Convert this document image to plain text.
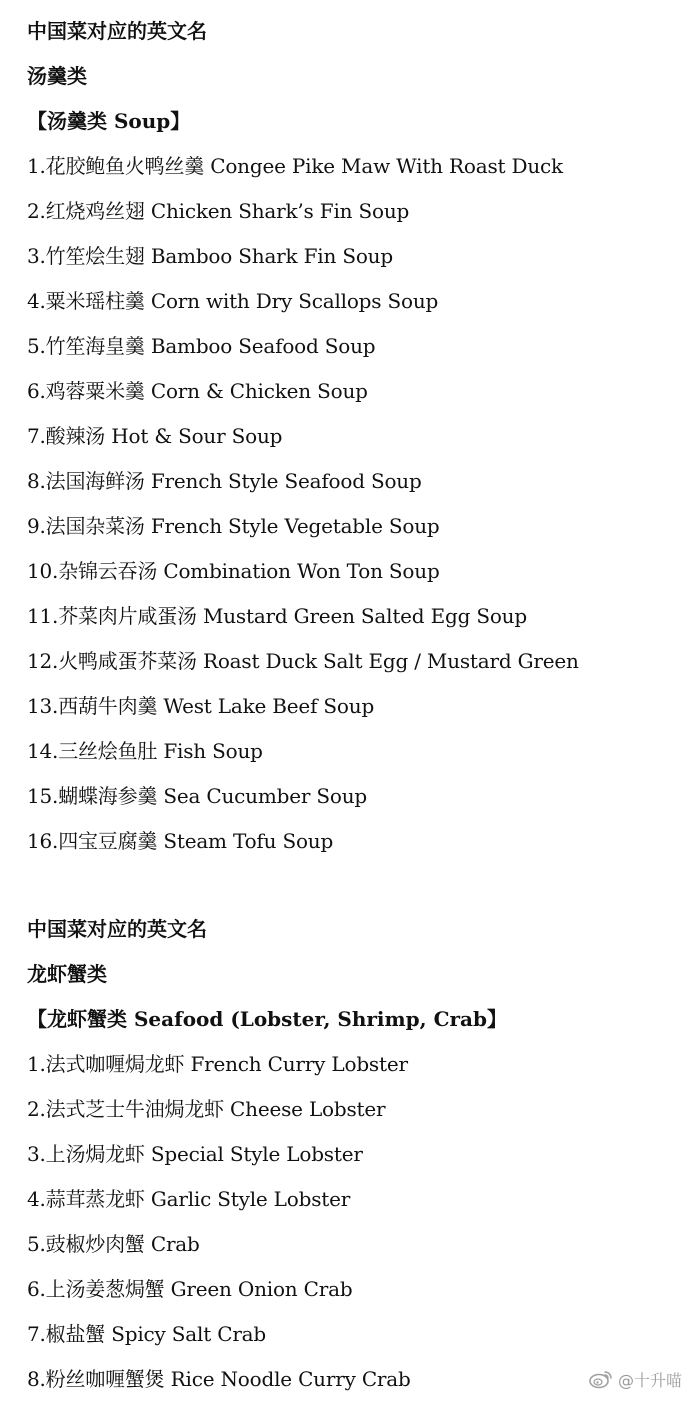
中国菜对应的英文名
汤羹类
【汤羹类 Soup】
1.花胶鲍鱼火鸭丝羹 Congee Pike Maw With Roast Duck
2.红烧鸡丝翅 Chicken Shark’s Fin Soup
3.竹笙烩生翅 Bamboo Shark Fin Soup
4.粟米瑶柱羹 Corn with Dry Scallops Soup
5.竹笙海皇羹 Bamboo Seafood Soup
6.鸡蓉粟米羹 Corn & Chicken Soup
7.酸辣汤 Hot & Sour Soup
8.法国海鲜汤 French Style Seafood Soup
9.法国杂菜汤 French Style Vegetable Soup
10.杂锦云吞汤 Combination Won Ton Soup
11.芥菜肉片咸蛋汤 Mustard Green Salted Egg Soup
12.火鸭咸蛋芥菜汤 Roast Duck Salt Egg / Mustard Green
13.西葫牛肉羹 West Lake Beef Soup
14.三丝烩鱼肚 Fish Soup
15.蝴蝶海参羹 Sea Cucumber Soup
16.四宝豆腐羹 Steam Tofu Soup
中国菜对应的英文名
龙虾蟹类
【龙虾蟹类 Seafood (Lobster, Shrimp, Crab】
1.法式咖喱焗龙虾 French Curry Lobster
2.法式芝士牛油焗龙虾 Cheese Lobster
3.上汤焗龙虾 Special Style Lobster
4.蒜茸蒸龙虾 Garlic Style Lobster
5.豉椒炒肉蟹 Crab
6.上汤姜葱焗蟹 Green Onion Crab
7.椒盐蟹 Spicy Salt Crab
8.粉丝咖喱蟹煲 Rice Noodle Curry Crab	@十升喵
